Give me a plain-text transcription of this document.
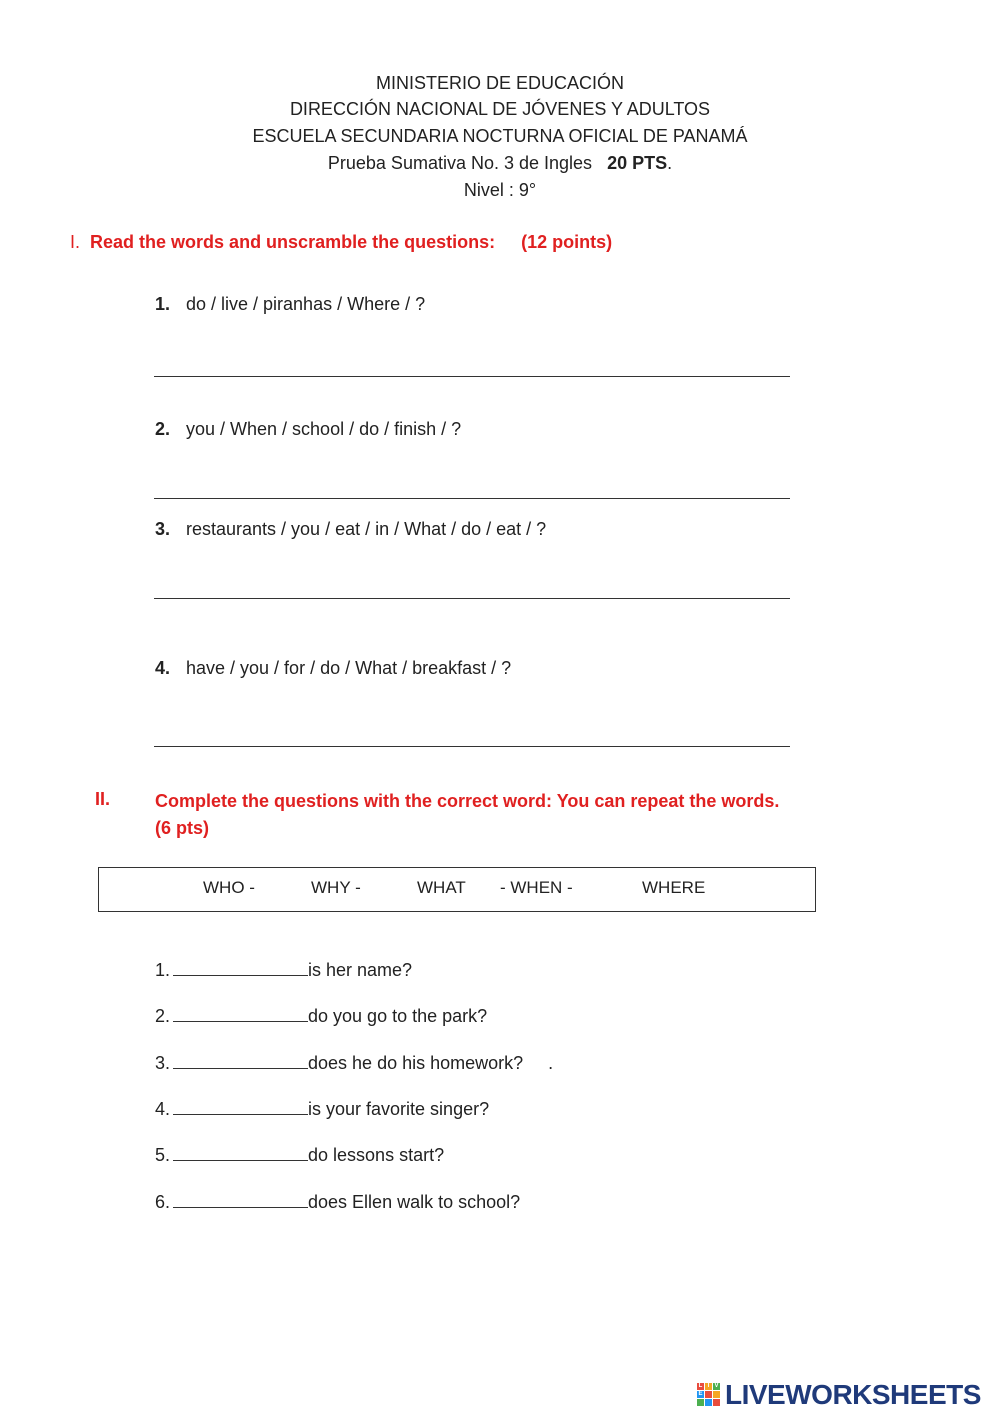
MINISTERIO DE EDUCACIÓN
DIRECCIÓN NACIONAL DE JÓVENES Y ADULTOS
ESCUELA SECUNDARIA NOCTURNA OFICIAL DE PANAMÁ
Prueba Sumativa No. 3 de Ingles 20 PTS.
Nivel : 9°
I. Read the words and unscramble the questions: (12 points)
1. do / live / piranhas / Where / ?
2. you / When / school / do / finish / ?
3. restaurants / you / eat / in / What / do / eat / ?
4. have / you / for / do / What / breakfast / ?
II. Complete the questions with the correct word: You can repeat the words.
(6 pts)
WHO -	WHY -	WHAT - WHEN -	WHERE
1.	is her name?
2.	do you go to the park?
3.	does he do his homework?     .
4.	is your favorite singer?
5.	do lessons start?
6.	does Ellen walk to school?
L I V
E LIVEWORKSHEETS
